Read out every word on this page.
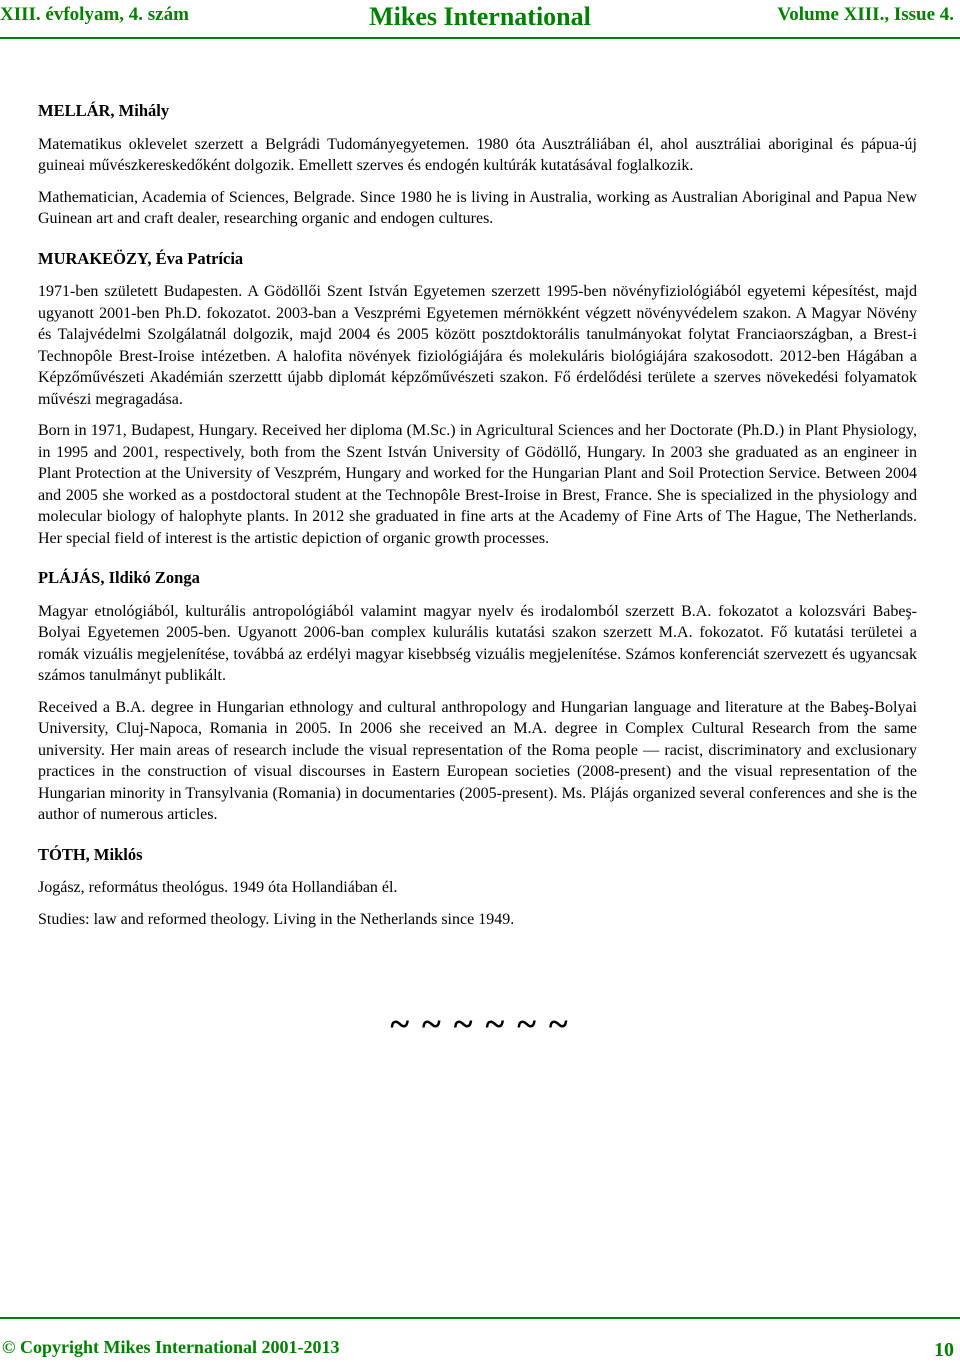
XIII. évfolyam, 4. szám	Mikes International	Volume XIII., Issue 4.
MELLÁR, Mihály
Matematikus oklevelet szerzett a Belgrádi Tudományegyetemen. 1980 óta Ausztráliában él, ahol ausztráliai aboriginal és pápua-új guineai művészkereskedőként dolgozik. Emellett szerves és endogén kultúrák kutatásával foglalkozik.
Mathematician, Academia of Sciences, Belgrade. Since 1980 he is living in Australia, working as Australian Aboriginal and Papua New Guinean art and craft dealer, researching organic and endogen cultures.
MURAKEÖZY, Éva Patrícia
1971-ben született Budapesten. A Gödöllői Szent István Egyetemen szerzett 1995-ben növényfiziológiából egyetemi képesítést, majd ugyanott 2001-ben Ph.D. fokozatot. 2003-ban a Veszprémi Egyetemen mérnökként végzett növényvédelem szakon. A Magyar Növény és Talajvédelmi Szolgálatnál dolgozik, majd 2004 és 2005 között posztdoktorális tanulmányokat folytat Franciaországban, a Brest-i Technopôle Brest-Iroise intézetben. A halofita növények fiziológiájára és molekuláris biológiájára szakosodott. 2012-ben Hágában a Képzőművészeti Akadémián szerzettt újabb diplomát képzőművészeti szakon. Fő érdelődési területe a szerves növekedési folyamatok művészi megragadása.
Born in 1971, Budapest, Hungary. Received her diploma (M.Sc.) in Agricultural Sciences and her Doctorate (Ph.D.) in Plant Physiology, in 1995 and 2001, respectively, both from the Szent István University of Gödöllő, Hungary. In 2003 she graduated as an engineer in Plant Protection at the University of Veszprém, Hungary and worked for the Hungarian Plant and Soil Protection Service. Between 2004 and 2005 she worked as a postdoctoral student at the Technopôle Brest-Iroise in Brest, France. She is specialized in the physiology and molecular biology of halophyte plants. In 2012 she graduated in fine arts at the Academy of Fine Arts of The Hague, The Netherlands. Her special field of interest is the artistic depiction of organic growth processes.
PLÁJÁS, Ildikó Zonga
Magyar etnológiából, kulturális antropológiából valamint magyar nyelv és irodalomból szerzett B.A. fokozatot a kolozsvári Babeş-Bolyai Egyetemen 2005-ben. Ugyanott 2006-ban complex kulurális kutatási szakon szerzett M.A. fokozatot. Fő kutatási területei a romák vizuális megjelenítése, továbbá az erdélyi magyar kisebbség vizuális megjelenítése. Számos konferenciát szervezett és ugyancsak számos tanulmányt publikált.
Received a B.A. degree in Hungarian ethnology and cultural anthropology and Hungarian language and literature at the Babeş-Bolyai University, Cluj-Napoca, Romania in 2005. In 2006 she received an M.A. degree in Complex Cultural Research from the same university. Her main areas of research include the visual representation of the Roma people — racist, discriminatory and exclusionary practices in the construction of visual discourses in Eastern European societies (2008-present) and the visual representation of the Hungarian minority in Transylvania (Romania) in documentaries (2005-present). Ms. Plájás organized several conferences and she is the author of numerous articles.
TÓTH, Miklós
Jogász, református theológus. 1949 óta Hollandiában él.
Studies: law and reformed theology. Living in the Netherlands since 1949.
~ ~ ~ ~ ~ ~
© Copyright Mikes International 2001-2013	10
